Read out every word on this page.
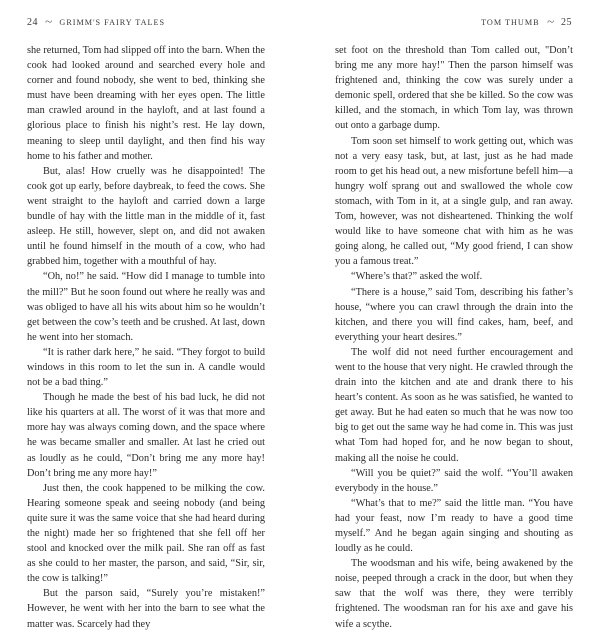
24 ~ GRIMM'S FAIRY TALES

she returned, Tom had slipped off into the barn. When the cook had looked around and searched every hole and corner and found nobody, she went to bed, thinking she must have been dreaming with her eyes open. The little man crawled around in the hayloft, and at last found a glorious place to finish his night’s rest. He lay down, meaning to sleep until daylight, and then find his way home to his father and mother.

But, alas! How cruelly was he disappointed! The cook got up early, before daybreak, to feed the cows. She went straight to the hayloft and carried down a large bundle of hay with the little man in the middle of it, fast asleep. He still, however, slept on, and did not awaken until he found himself in the mouth of a cow, who had grabbed him, together with a mouthful of hay.

“Oh, no!” he said. “How did I manage to tumble into the mill?” But he soon found out where he really was and was obliged to have all his wits about him so he wouldn’t get between the cow’s teeth and be crushed. At last, down he went into her stomach.

“It is rather dark here,” he said. “They forgot to build windows in this room to let the sun in. A candle would not be a bad thing.”

Though he made the best of his bad luck, he did not like his quarters at all. The worst of it was that more and more hay was always coming down, and the space where he was became smaller and smaller. At last he cried out as loudly as he could, “Don’t bring me any more hay! Don’t bring me any more hay!”

Just then, the cook happened to be milking the cow. Hearing someone speak and seeing nobody (and being quite sure it was the same voice that she had heard during the night) made her so frightened that she fell off her stool and knocked over the milk pail. She ran off as fast as she could to her master, the parson, and said, “Sir, sir, the cow is talking!”

But the parson said, “Surely you’re mistaken!” However, he went with her into the barn to see what the matter was. Scarcely had they

TOM THUMB ~ 25

set foot on the threshold than Tom called out, "Don’t bring me any more hay!" Then the parson himself was frightened and, thinking the cow was surely under a demonic spell, ordered that she be killed. So the cow was killed, and the stomach, in which Tom lay, was thrown out onto a garbage dump.

Tom soon set himself to work getting out, which was not a very easy task, but, at last, just as he had made room to get his head out, a new misfortune befell him—a hungry wolf sprang out and swallowed the whole cow stomach, with Tom in it, at a single gulp, and ran away. Tom, however, was not disheartened. Thinking the wolf would like to have someone chat with him as he was going along, he called out, “My good friend, I can show you a famous treat.”

“Where’s that?” asked the wolf.

“There is a house,” said Tom, describing his father’s house, “where you can crawl through the drain into the kitchen, and there you will find cakes, ham, beef, and everything your heart desires.”

The wolf did not need further encouragement and went to the house that very night. He crawled through the drain into the kitchen and ate and drank there to his heart’s content. As soon as he was satisfied, he wanted to get away. But he had eaten so much that he was now too big to get out the same way he had come in. This was just what Tom had hoped for, and he now began to shout, making all the noise he could.

“Will you be quiet?” said the wolf. “You’ll awaken everybody in the house.”

“What’s that to me?” said the little man. “You have had your feast, now I’m ready to have a good time myself.” And he began again singing and shouting as loudly as he could.

The woodsman and his wife, being awakened by the noise, peeped through a crack in the door, but when they saw that the wolf was there, they were terribly frightened. The woodsman ran for his axe and gave his wife a scythe.
